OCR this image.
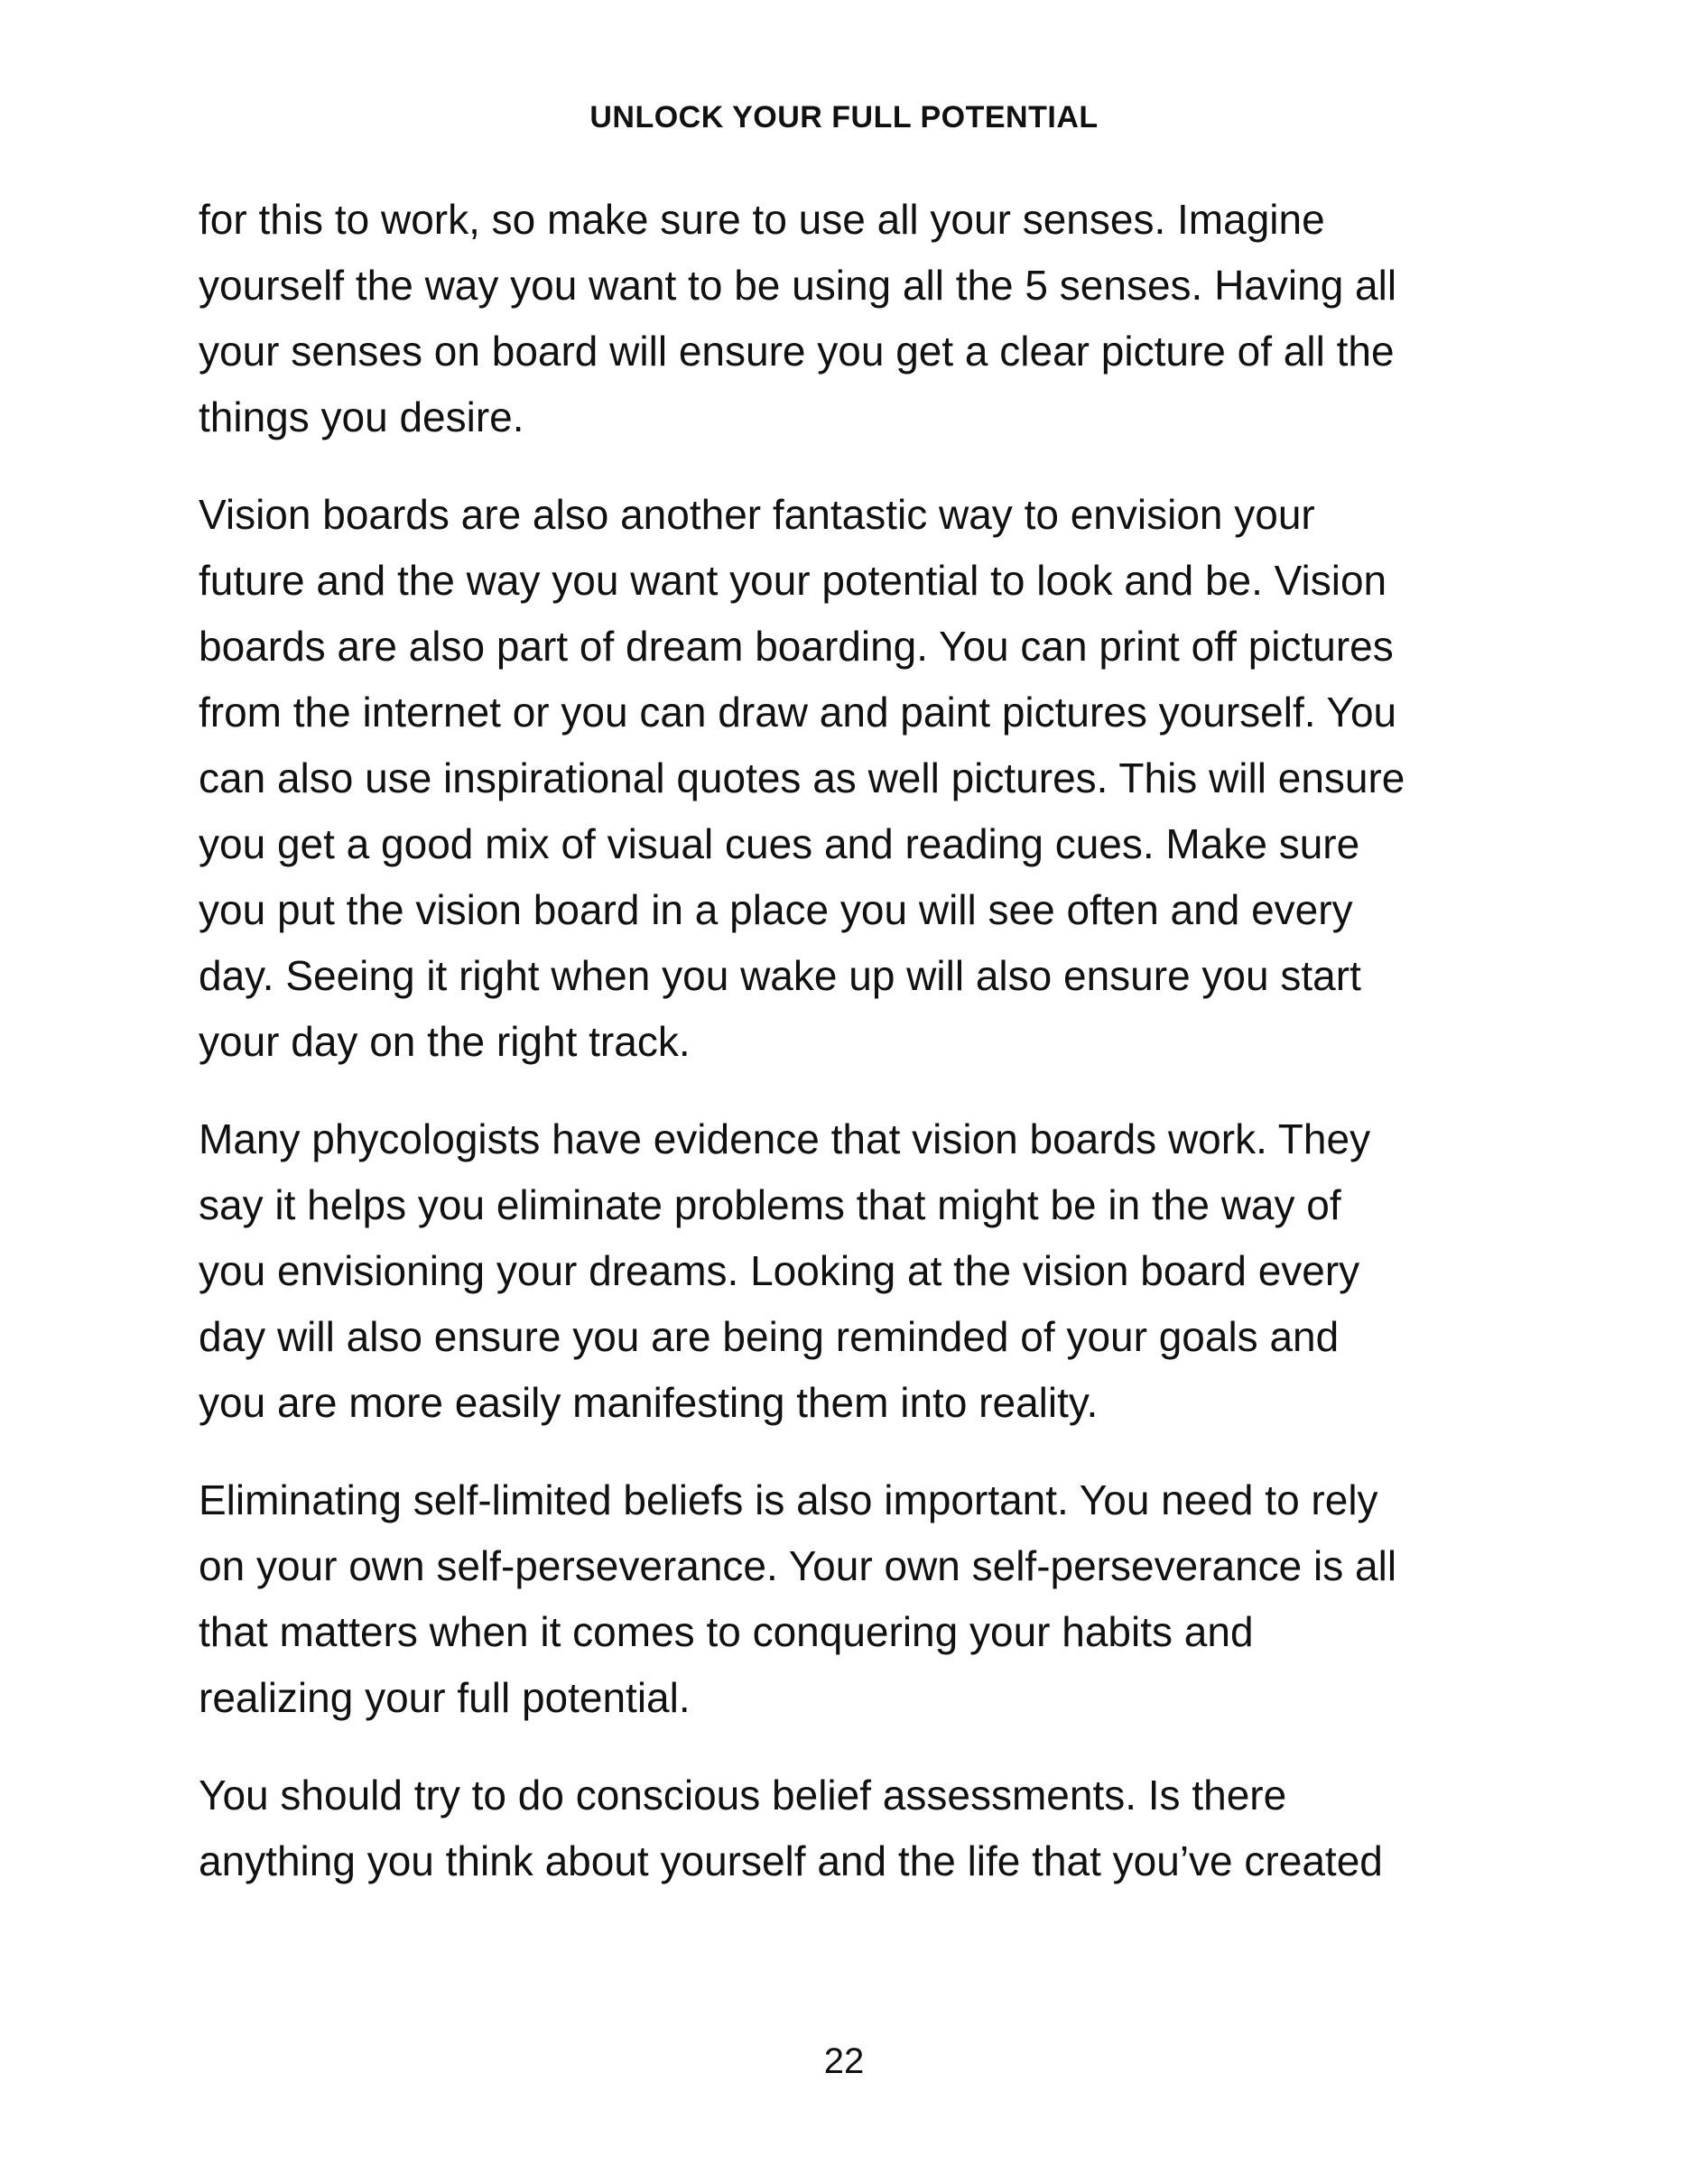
UNLOCK YOUR FULL POTENTIAL

for this to work, so make sure to use all your senses. Imagine
yourself the way you want to be using all the 5 senses. Having all
your senses on board will ensure you get a clear picture of all the
things you desire.

Vision boards are also another fantastic way to envision your
future and the way you want your potential to look and be. Vision
boards are also part of dream boarding. You can print off pictures
from the internet or you can draw and paint pictures yourself. You
can also use inspirational quotes as well pictures. This will ensure
you get a good mix of visual cues and reading cues. Make sure
you put the vision board in a place you will see often and every
day. Seeing it right when you wake up will also ensure you start
your day on the right track.

Many phycologists have evidence that vision boards work. They
say it helps you eliminate problems that might be in the way of
you envisioning your dreams. Looking at the vision board every
day will also ensure you are being reminded of your goals and
you are more easily manifesting them into reality.

Eliminating self-limited beliefs is also important. You need to rely
on your own self-perseverance. Your own self-perseverance is all
that matters when it comes to conquering your habits and
realizing your full potential.

You should try to do conscious belief assessments. Is there
anything you think about yourself and the life that you’ve created

22
